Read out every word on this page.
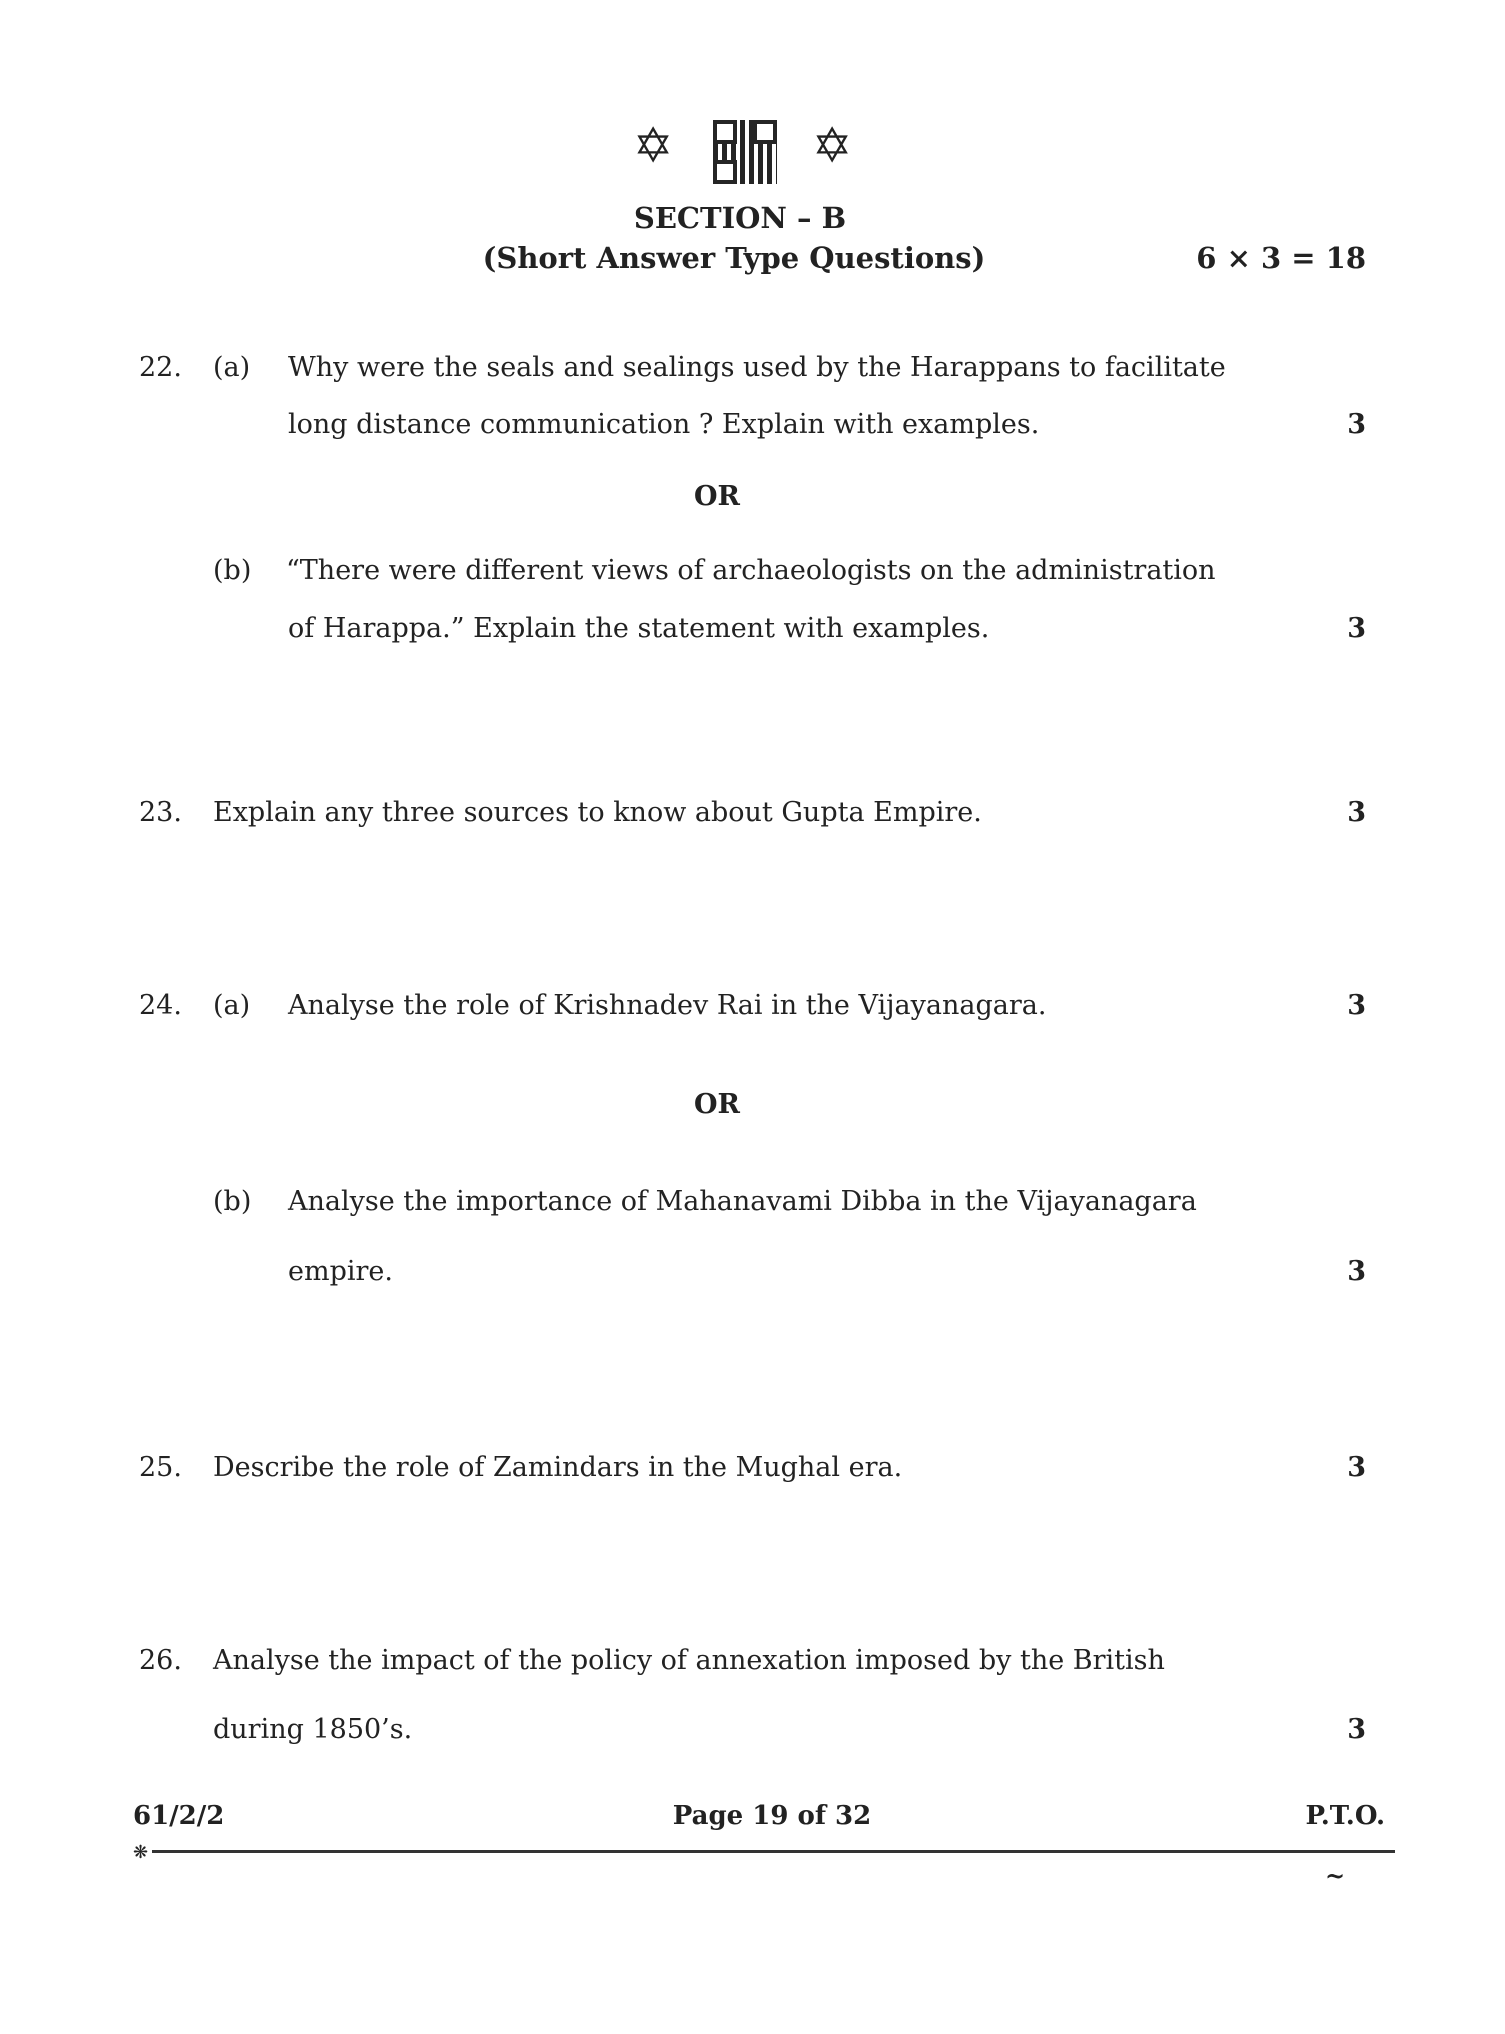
✡	✡
SECTION – B
(Short Answer Type Questions)	6 × 3 = 18
22. (a) Why were the seals and sealings used by the Harappans to facilitate
long distance communication ? Explain with examples.	3
OR
(b) “There were different views of archaeologists on the administration
of Harappa.” Explain the statement with examples.	3
23. Explain any three sources to know about Gupta Empire.	3
24. (a) Analyse the role of Krishnadev Rai in the Vijayanagara.	3
OR
(b) Analyse the importance of Mahanavami Dibba in the Vijayanagara
empire.	3
25. Describe the role of Zamindars in the Mughal era.	3
26. Analyse the impact of the policy of annexation imposed by the British
during 1850’s.	3
61/2/2	Page 19 of 32	P.T.O.
❋
~
